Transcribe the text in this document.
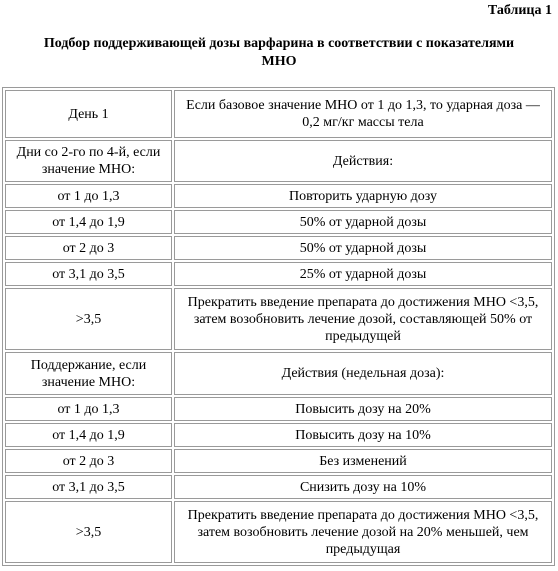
Таблица 1
Подбор поддерживающей дозы варфарина в соответствии с показателями
МНО
День 1	Если базовое значение МНО от 1 до 1,3, то ударная доза — 0,2 мг/кг массы тела
Дни со 2-го по 4-й, если значение МНО:	Действия:
от 1 до 1,3	Повторить ударную дозу
от 1,4 до 1,9	50% от ударной дозы
от 2 до 3	50% от ударной дозы
от 3,1 до 3,5	25% от ударной дозы
>3,5	Прекратить введение препарата до достижения МНО <3,5, затем возобновить лечение дозой, составляющей 50% от предыдущей
Поддержание, если значение МНО:	Действия (недельная доза):
от 1 до 1,3	Повысить дозу на 20%
от 1,4 до 1,9	Повысить дозу на 10%
от 2 до 3	Без изменений
от 3,1 до 3,5	Снизить дозу на 10%
>3,5	Прекратить введение препарата до достижения МНО <3,5, затем возобновить лечение дозой на 20% меньшей, чем предыдущая
